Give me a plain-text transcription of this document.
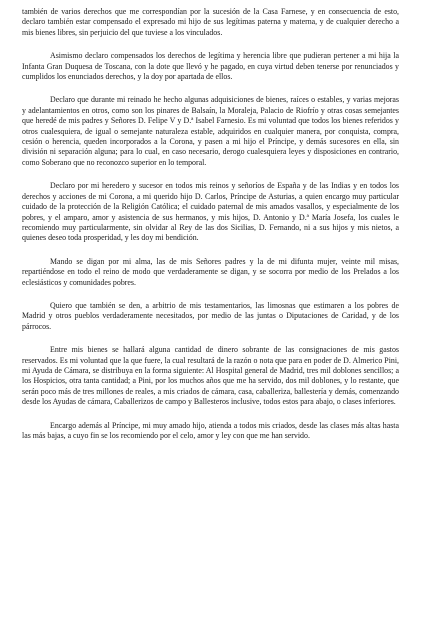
también de varios derechos que me correspondían por la sucesión de la Casa Farnese, y en consecuencia de esto, declaro también estar compensado el expresado mi hijo de sus legítimas paterna y materna, y de cualquier derecho a mis bienes libres, sin perjuicio del que tuviese a los vinculados.

Asimismo declaro compensados los derechos de legítima y herencia libre que pudieran pertener a mi hija la Infanta Gran Duquesa de Toscana, con la dote que llevó y he pagado, en cuya virtud deben tenerse por renunciados y cumplidos los enunciados derechos, y la doy por apartada de ellos.

Declaro que durante mi reinado he hecho algunas adquisiciones de bienes, raíces o estables, y varias mejoras y adelantamientos en otros, como son los pinares de Balsaín, la Moraleja, Palacio de Riofrío y otras cosas semejantes que heredé de mis padres y Señores D. Felipe V y D.ª Isabel Farnesio. Es mi voluntad que todos los bienes referidos y otros cualesquiera, de igual o semejante naturaleza estable, adquiridos en cualquier manera, por conquista, compra, cesión o herencia, queden incorporados a la Corona, y pasen a mi hijo el Príncipe, y demás sucesores en ella, sin división ni separación alguna; para lo cual, en caso necesario, derogo cualesquiera leyes y disposiciones en contrario, como Soberano que no reconozco superior en lo temporal.

Declaro por mi heredero y sucesor en todos mis reinos y señoríos de España y de las Indias y en todos los derechos y acciones de mi Corona, a mi querido hijo D. Carlos, Príncipe de Asturias, a quien encargo muy particular cuidado de la protección de la Religión Católica; el cuidado paternal de mis amados vasallos, y especialmente de los pobres, y el amparo, amor y asistencia de sus hermanos, y mis hijos, D. Antonio y D.ª María Josefa, los cuales le recomiendo muy particularmente, sin olvidar al Rey de las dos Sicilias, D. Fernando, ni a sus hijos y mis nietos, a quienes deseo toda prosperidad, y les doy mi bendición.

Mando se digan por mi alma, las de mis Señores padres y la de mi difunta mujer, veinte mil misas, repartiéndose en todo el reino de modo que verdaderamente se digan, y se socorra por medio de los Prelados a los eclesiásticos y comunidades pobres.

Quiero que también se den, a arbitrio de mis testamentarios, las limosnas que estimaren a los pobres de Madrid y otros pueblos verdaderamente necesitados, por medio de las juntas o Diputaciones de Caridad, y de los párrocos.

Entre mis bienes se hallará alguna cantidad de dinero sobrante de las consignaciones de mis gastos reservados. Es mi voluntad que la que fuere, la cual resultará de la razón o nota que para en poder de D. Almerico Pini, mi Ayuda de Cámara, se distribuya en la forma siguiente: Al Hospital general de Madrid, tres mil doblones sencillos; a los Hospicios, otra tanta cantidad; a Pini, por los muchos años que me ha servido, dos mil doblones, y lo restante, que serán poco más de tres millones de reales, a mis criados de cámara, casa, caballeriza, ballestería y demás, comenzando desde los Ayudas de cámara, Caballerizos de campo y Ballesteros inclusive, todos estos para abajo, o clases inferiores.

Encargo además al Príncipe, mi muy amado hijo, atienda a todos mis criados, desde las clases más altas hasta las más bajas, a cuyo fin se los recomiendo por el celo, amor y ley con que me han servido.
